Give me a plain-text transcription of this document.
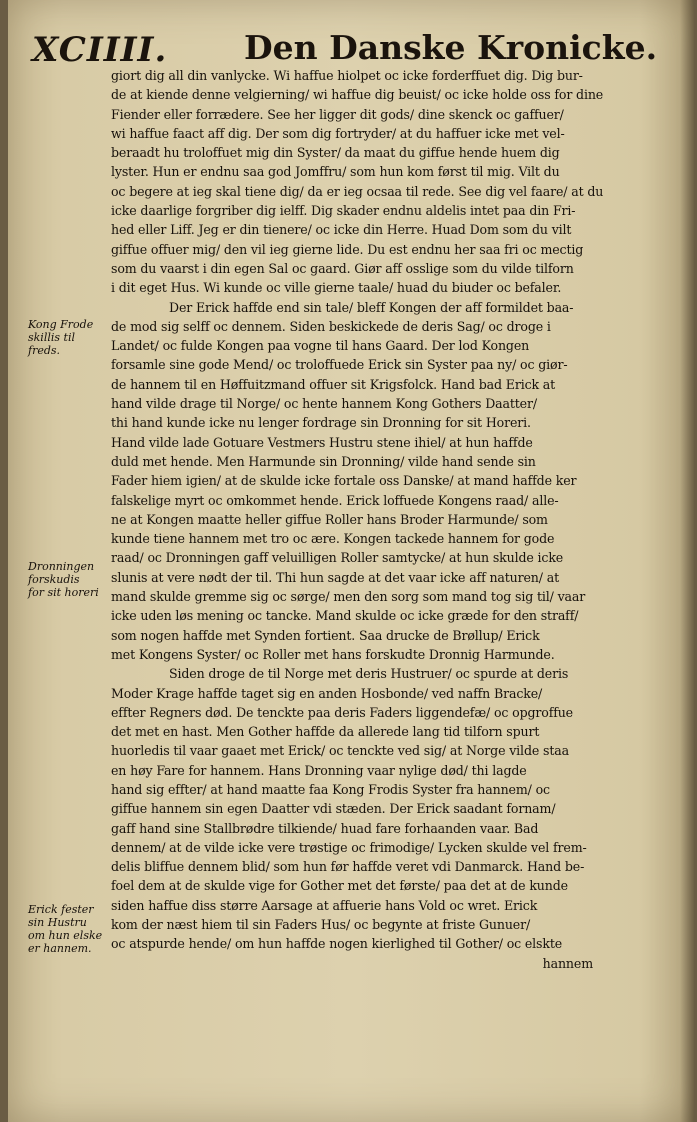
XCIIII. Den Danske Kronicke.
giort dig all din vanlycke. Wi haffue hiolpet oc icke forderffuet dig. Dig bur-
de at kiende denne velgierning/ wi haffue dig beuist/ oc icke holde oss for dine
Fiender eller forrædere. See her ligger dit gods/ dine skenck oc gaffuer/
wi haffue faact aff dig. Der som dig fortryder/ at du haffuer icke met vel-
beraadt hu troloffuet mig din Syster/ da maat du giffue hende huem dig
lyster. Hun er endnu saa god Jomffru/ som hun kom først til mig. Vilt du
oc begere at ieg skal tiene dig/ da er ieg ocsaa til rede. See dig vel faare/ at du
icke daarlige forgriber dig ielff. Dig skader endnu aldelis intet paa din Fri-
hed eller Liff. Jeg er din tienere/ oc icke din Herre. Huad Dom som du vilt
giffue offuer mig/ den vil ieg gierne lide. Du est endnu her saa fri oc mectig
som du vaarst i din egen Sal oc gaard. Giør aff osslige som du vilde tilforn
i dit eget Hus. Wi kunde oc ville gierne taale/ huad du biuder oc befaler.
Der Erick haffde end sin tale/ bleff Kongen der aff formildet baa-
de mod sig selff oc dennem. Siden beskickede de deris Sag/ oc droge i
Landet/ oc fulde Kongen paa vogne til hans Gaard. Der lod Kongen
forsamle sine gode Mend/ oc troloffuede Erick sin Syster paa ny/ oc giør-
de hannem til en Høffuitzmand offuer sit Krigsfolck. Hand bad Erick at
hand vilde drage til Norge/ oc hente hannem Kong Gothers Daatter/
thi hand kunde icke nu lenger fordrage sin Dronning for sit Horeri.
Hand vilde lade Gotuare Vestmers Hustru stene ihiel/ at hun haffde
duld met hende. Men Harmunde sin Dronning/ vilde hand sende sin
Fader hiem igien/ at de skulde icke fortale oss Danske/ at mand haffde ker
falskelige myrt oc omkommet hende. Erick loffuede Kongens raad/ alle-
ne at Kongen maatte heller giffue Roller hans Broder Harmunde/ som
kunde tiene hannem met tro oc ære. Kongen tackede hannem for gode
raad/ oc Dronningen gaff veluilligen Roller samtycke/ at hun skulde icke
slunis at vere nødt der til. Thi hun sagde at det vaar icke aff naturen/ at
mand skulde gremme sig oc sørge/ men den sorg som mand tog sig til/ vaar
icke uden løs mening oc tancke. Mand skulde oc icke græde for den straff/
som nogen haffde met Synden fortient. Saa drucke de Brøllup/ Erick
met Kongens Syster/ oc Roller met hans forskudte Dronnig Harmunde.
Siden droge de til Norge met deris Hustruer/ oc spurde at deris
Moder Krage haffde taget sig en anden Hosbonde/ ved naffn Bracke/
effter Regners død. De tenckte paa deris Faders liggendefæ/ oc opgroffue
det met en hast. Men Gother haffde da allerede lang tid tilforn spurt
huorledis til vaar gaaet met Erick/ oc tenckte ved sig/ at Norge vilde staa
en høy Fare for hannem. Hans Dronning vaar nylige død/ thi lagde
hand sig effter/ at hand maatte faa Kong Frodis Syster fra hannem/ oc
giffue hannem sin egen Daatter vdi stæden. Der Erick saadant fornam/
gaff hand sine Stallbrødre tilkiende/ huad fare forhaanden vaar. Bad
dennem/ at de vilde icke vere trøstige oc frimodige/ Lycken skulde vel frem-
delis bliffue dennem blid/ som hun før haffde veret vdi Danmarck. Hand be-
foel dem at de skulde vige for Gother met det første/ paa det at de kunde
siden haffue diss større Aarsage at affuerie hans Vold oc wret. Erick
kom der næst hiem til sin Faders Hus/ oc begynte at friste Gunuer/
oc atspurde hende/ om hun haffde nogen kierlighed til Gother/ oc elskte
hannem
Kong Frode
skillis til
freds.
Dronningen
forskudis
for sit horeri
Erick fester
sin Hustru
om hun elske
er hannem.
